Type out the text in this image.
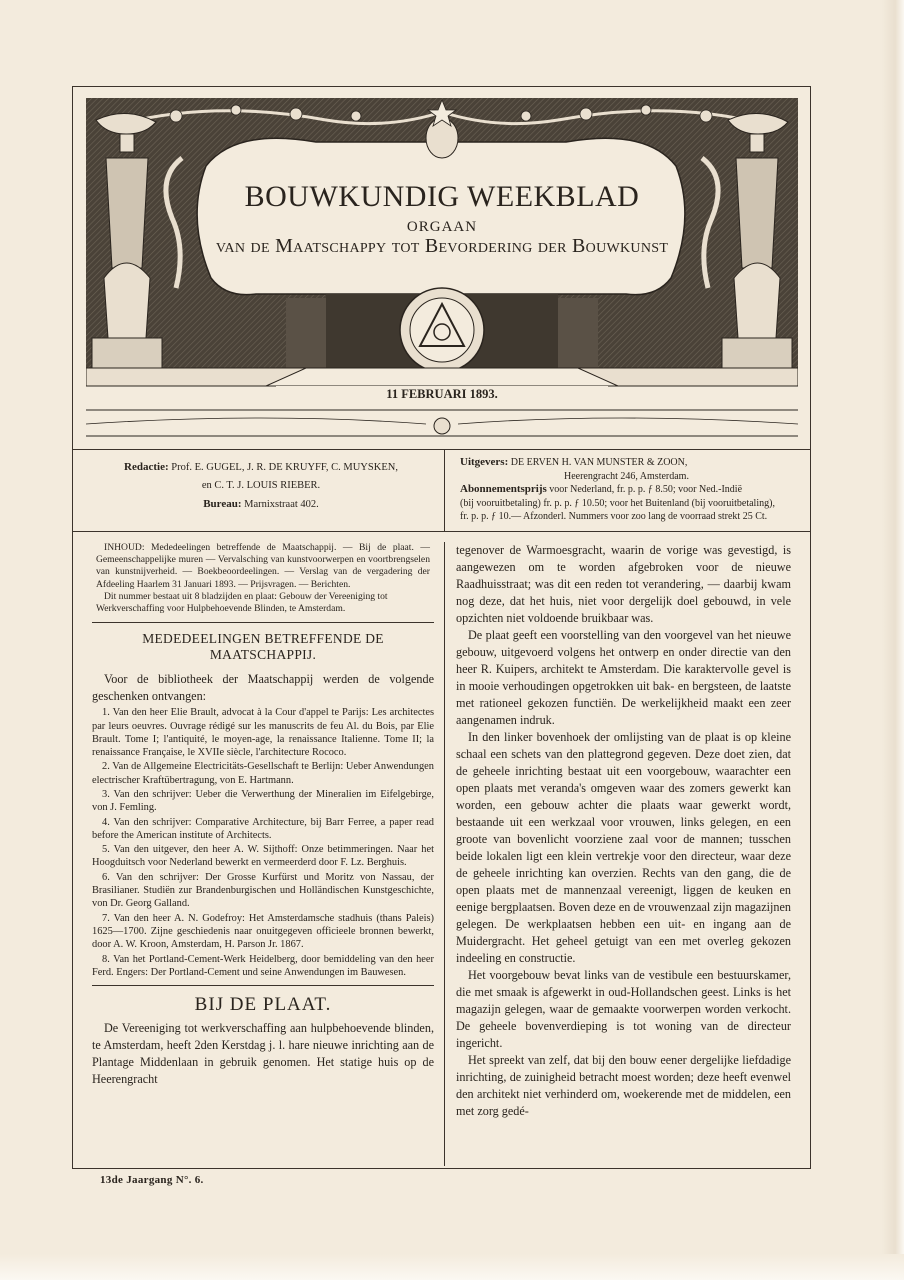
BOUWKUNDIG WEEKBLAD
ORGAAN
van de Maatschappy tot Bevordering der Bouwkunst
11 FEBRUARI 1893.
Redactie: Prof. E. GUGEL, J. R. DE KRUYFF, C. MUYSKEN,
en C. T. J. LOUIS RIEBER.
Bureau: Marnixstraat 402.
Uitgevers: DE ERVEN H. VAN MUNSTER & ZOON,
Heerengracht 246, Amsterdam.
Abonnementsprijs voor Nederland, fr. p. p. ƒ 8.50; voor Ned.-Indië
(bij vooruitbetaling) fr. p. p. ƒ 10.50; voor het Buitenland (bij vooruitbetaling),
fr. p. p. ƒ 10.— Afzonderl. Nummers voor zoo lang de voorraad strekt 25 Ct.
INHOUD: Mededeelingen betreffende de Maatschappij. — Bij de plaat. — Gemeenschappelijke muren — Vervalsching van kunstvoorwerpen en voortbrengselen van kunstnijverheid. — Boekbeoordeelingen. — Verslag van de vergadering der Afdeeling Haarlem 31 Januari 1893. — Prijsvragen. — Berichten.
Dit nummer bestaat uit 8 bladzijden en plaat: Gebouw der Vereeniging tot Werkverschaffing voor Hulpbehoevende Blinden, te Amsterdam.
MEDEDEELINGEN BETREFFENDE DE
MAATSCHAPPIJ.
Voor de bibliotheek der Maatschappij werden de volgende geschenken ontvangen:
1. Van den heer Elie Brault, advocat à la Cour d'appel te Parijs: Les architectes par leurs oeuvres. Ouvrage rédigé sur les manuscrits de feu Al. du Bois, par Elie Brault. Tome I; l'antiquité, le moyen-age, la renaissance Italienne. Tome II; la renaissance Française, le XVIIe siècle, l'architecture Rococo.
2. Van de Allgemeine Electricitäts-Gesellschaft te Berlijn: Ueber Anwendungen electrischer Kraftübertragung, von E. Hartmann.
3. Van den schrijver: Ueber die Verwerthung der Mineralien im Eifelgebirge, von J. Femling.
4. Van den schrijver: Comparative Architecture, bij Barr Ferree, a paper read before the American institute of Architects.
5. Van den uitgever, den heer A. W. Sijthoff: Onze betimmeringen. Naar het Hoogduitsch voor Nederland bewerkt en vermeerderd door F. Lz. Berghuis.
6. Van den schrijver: Der Grosse Kurfürst und Moritz von Nassau, der Brasilianer. Studiën zur Brandenburgischen und Holländischen Kunstgeschichte, von Dr. Georg Galland.
7. Van den heer A. N. Godefroy: Het Amsterdamsche stadhuis (thans Paleis) 1625—1700. Zijne geschiedenis naar onuitgegeven officieele bronnen bewerkt, door A. W. Kroon, Amsterdam, H. Parson Jr. 1867.
8. Van het Portland-Cement-Werk Heidelberg, door bemiddeling van den heer Ferd. Engers: Der Portland-Cement und seine Anwendungen im Bauwesen.
BIJ DE PLAAT.
De Vereeniging tot werkverschaffing aan hulpbehoevende blinden, te Amsterdam, heeft 2den Kerstdag j. l. hare nieuwe inrichting aan de Plantage Middenlaan in gebruik genomen. Het statige huis op de Heerengracht
tegenover de Warmoesgracht, waarin de vorige was gevestigd, is aangewezen om te worden afgebroken voor de nieuwe Raadhuisstraat; was dit een reden tot verandering, — daarbij kwam nog deze, dat het huis, niet voor dergelijk doel gebouwd, in vele opzichten niet voldoende bruikbaar was.
De plaat geeft een voorstelling van den voorgevel van het nieuwe gebouw, uitgevoerd volgens het ontwerp en onder directie van den heer R. Kuipers, architekt te Amsterdam. Die karaktervolle gevel is in mooie verhoudingen opgetrokken uit bak- en bergsteen, de laatste met rationeel gekozen functiën. De werkelijkheid maakt een zeer aangenamen indruk.
In den linker bovenhoek der omlijsting van de plaat is op kleine schaal een schets van den plattegrond gegeven. Deze doet zien, dat de geheele inrichting bestaat uit een voorgebouw, waarachter een open plaats met veranda's omgeven waar des zomers gewerkt kan worden, een gebouw achter die plaats waar gewerkt wordt, bestaande uit een werkzaal voor vrouwen, links gelegen, en een groote van bovenlicht voorziene zaal voor de mannen; tusschen beide lokalen ligt een klein vertrekje voor den directeur, waar deze de geheele inrichting kan overzien. Rechts van den gang, die de open plaats met de mannenzaal vereenigt, liggen de keuken en eenige bergplaatsen. Boven deze en de vrouwenzaal zijn magazijnen gelegen. De werkplaatsen hebben een uit- en ingang aan de Muidergracht. Het geheel getuigt van een met overleg gekozen indeeling en constructie.
Het voorgebouw bevat links van de vestibule een bestuurskamer, die met smaak is afgewerkt in oud-Hollandschen geest. Links is het magazijn gelegen, waar de gemaakte voorwerpen worden verkocht. De geheele bovenverdieping is tot woning van de directeur ingericht.
Het spreekt van zelf, dat bij den bouw eener dergelijke liefdadige inrichting, de zuinigheid betracht moest worden; deze heeft evenwel den architekt niet verhinderd om, woekerende met de middelen, een met zorg gedé-
13de Jaargang N°. 6.
